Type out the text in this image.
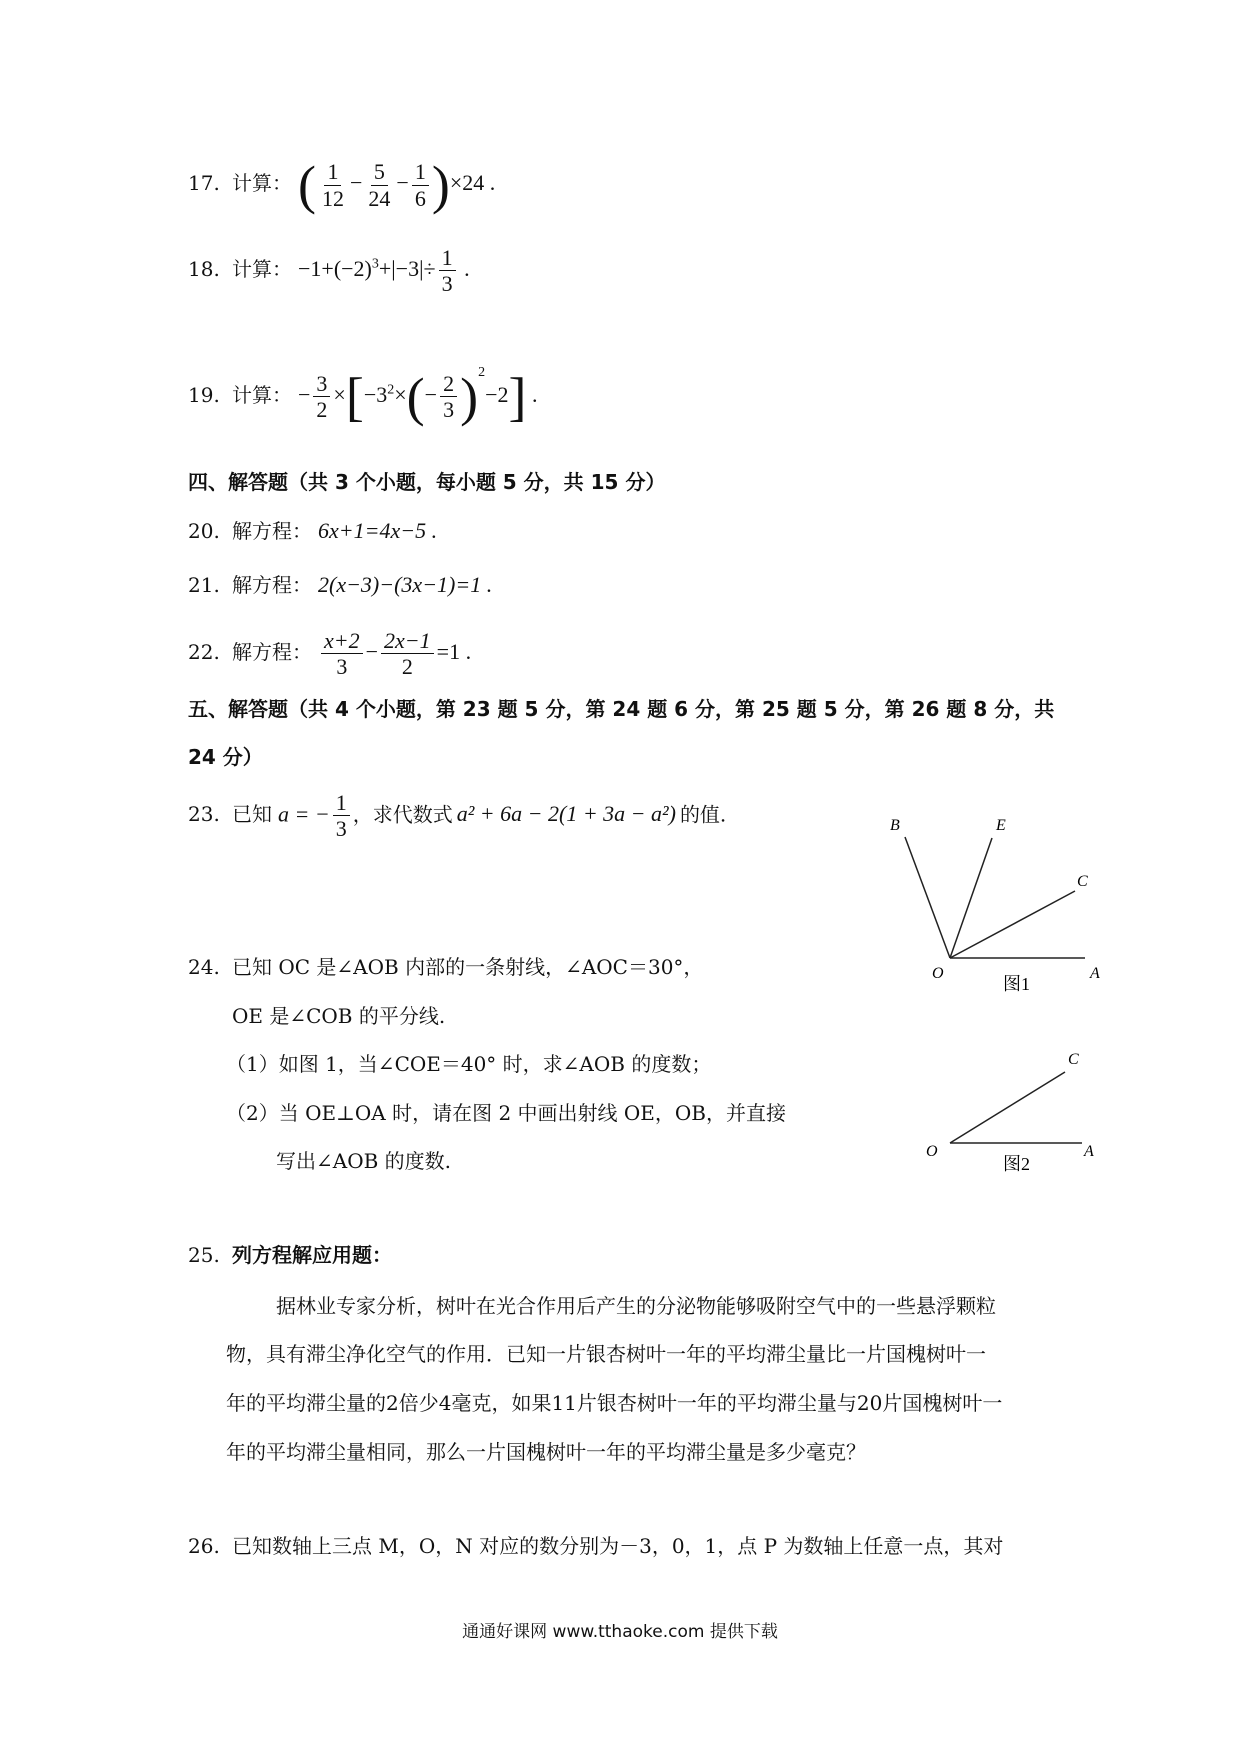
17. 计算： ( $\frac{1}{12} - \frac{5}{24} - \frac{1}{6} )\times 24$ .
18. 计算： $-1+(-2)^3+|-3|\div \frac{1}{3}$ .
19. 计算： − $\frac{3}{2} \times[-3^2\times(- \frac{2}{3} )^2-2]$ .
四、解答题（共 3 个小题，每小题 5 分，共 15 分）
20. 解方程： 6x+1=4x−5 .
21. 解方程： 2(x−3)−(3x−1)=1 .
22. 解方程： $\frac{x+2}{3} - \frac{2x-1}{2} =1$ .
五、解答题（共 4 个小题，第 23 题 5 分，第 24 题 6 分，第 25 题 5 分，第 26 题 8 分，共
24 分）
23. 已知 a = − $\frac{1}{3}$ ，求代数式 a² + 6a − 2(1 + 3a − a²) 的值.	B	E
C
O	A
图1
24. 已知 OC 是∠AOB 内部的一条射线，∠AOC＝30°，
OE 是∠COB 的平分线.
（1）如图 1，当∠COE＝40° 时，求∠AOB 的度数；
（2）当 OE⊥OA 时，请在图 2 中画出射线 OE，OB，并直接
写出∠AOB 的度数.
C
O	A
图2
25. 列方程解应用题：
据林业专家分析，树叶在光合作用后产生的分泌物能够吸附空气中的一些悬浮颗粒
物，具有滞尘净化空气的作用．已知一片银杏树叶一年的平均滞尘量比一片国槐树叶一
年的平均滞尘量的2倍少4毫克，如果11片银杏树叶一年的平均滞尘量与20片国槐树叶一
年的平均滞尘量相同，那么一片国槐树叶一年的平均滞尘量是多少毫克？
26. 已知数轴上三点 M，O，N 对应的数分别为－3，0，1，点 P 为数轴上任意一点，其对
通通好课网 www.tthaoke.com 提供下载
